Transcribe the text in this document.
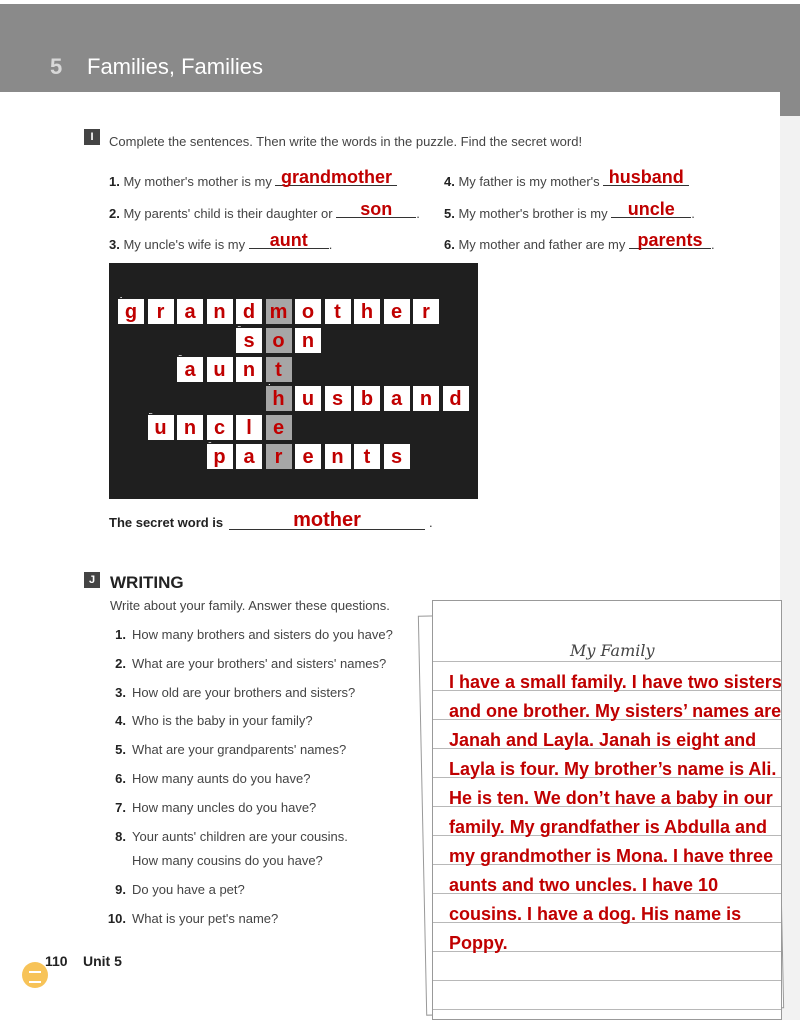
5 Families, Families
I	Complete the sentences. Then write the words in the puzzle. Find the secret word!
1. My mother's mother is my grandmother
2. My parents' child is their daughter or	son	.
3. My uncle's wife is my	aunt	.
4. My father is my mother's husband
5. My mother's brother is my uncle	.
6. My mother and father are my parents .
g r	a n d m o	t	h e	r
s o n
a u n	t
h u s b a n d
u n c	l	e
p a	r	e n	t	s
The secret word is	mother	.
J WRITING
Write about your family. Answer these questions.
1. How many brothers and sisters do you have?
2. What are your brothers' and sisters' names?
3. How old are your brothers and sisters?
4. Who is the baby in your family?
5. What are your grandparents' names?
6. How many aunts do you have?
7. How many uncles do you have?
8. Your aunts' children are your cousins.
How many cousins do you have?
9. Do you have a pet?
10. What is your pet's name?
My Family
I have a small family. I have two sisters
and one brother. My sisters’ names are
Janah and Layla. Janah is eight and
Layla is four. My brother’s name is Ali.
He is ten. We don’t have a baby in our
family. My grandfather is Abdulla and
my grandmother is Mona. I have three
aunts and two uncles. I have 10
cousins. I have a dog. His name is
Poppy.
110 Unit 5
